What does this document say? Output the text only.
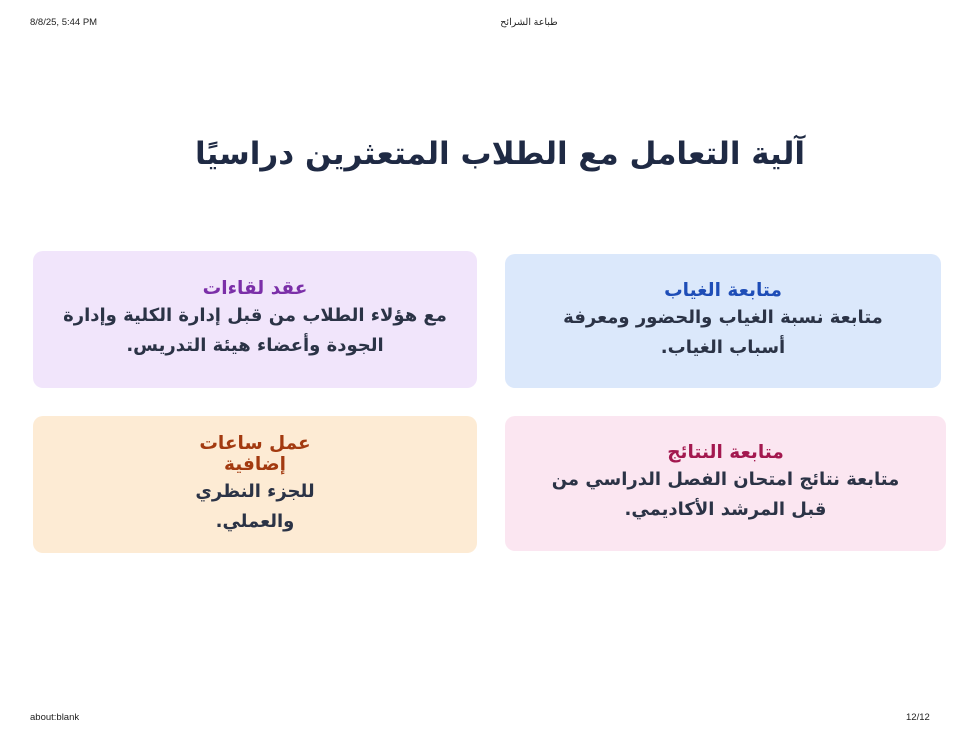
8/8/25, 5:44 PM	طباعة الشرائح
آلية التعامل مع الطلاب المتعثرين دراسيًا
متابعة الغياب
متابعة نسبة الغياب والحضور ومعرفة أسباب الغياب.
عقد لقاءات
مع هؤلاء الطلاب من قبل إدارة الكلية وإدارة الجودة وأعضاء هيئة التدريس.
متابعة النتائج
متابعة نتائج امتحان الفصل الدراسي من قبل المرشد الأكاديمي.
عمل ساعات إضافية
للجزء النظري والعملي.
about:blank	12/12
